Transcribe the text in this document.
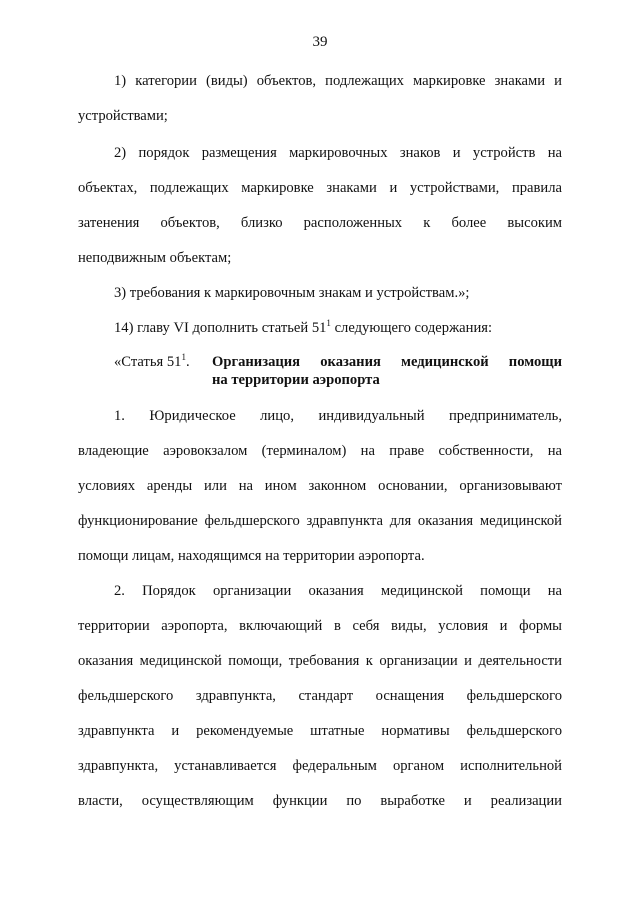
39
1) категории (виды) объектов, подлежащих маркировке знаками и
устройствами;
2) порядок размещения маркировочных знаков и устройств на
объектах, подлежащих маркировке знаками и устройствами, правила
затенения объектов, близко расположенных к более высоким
неподвижным объектам;
3) требования к маркировочным знакам и устройствам.»;
14) главу VI дополнить статьей $51^1$ следующего содержания:
«Статья $51^1$. Организация оказания медицинской помощи
на территории аэропорта
1. Юридическое лицо, индивидуальный предприниматель,
владеющие аэровокзалом (терминалом) на праве собственности, на
условиях аренды или на ином законном основании, организовывают
функционирование фельдшерского здравпункта для оказания медицинской
помощи лицам, находящимся на территории аэропорта.
2. Порядок организации оказания медицинской помощи на
территории аэропорта, включающий в себя виды, условия и формы
оказания медицинской помощи, требования к организации и деятельности
фельдшерского здравпункта, стандарт оснащения фельдшерского
здравпункта и рекомендуемые штатные нормативы фельдшерского
здравпункта, устанавливается федеральным органом исполнительной
власти, осуществляющим функции по выработке и реализации
